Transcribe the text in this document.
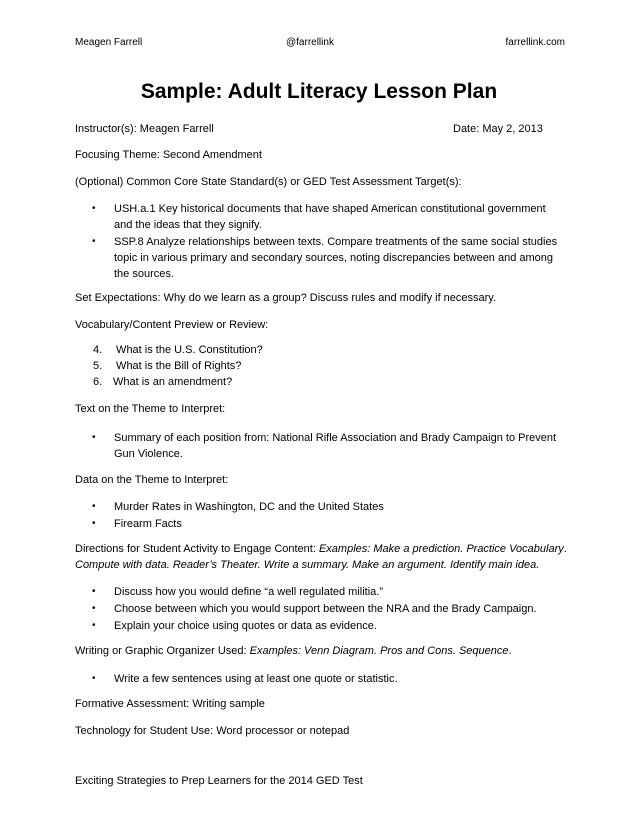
Meagen Farrell	@farrellink	farrellink.com
Sample: Adult Literacy Lesson Plan
Instructor(s): Meagen Farrell	Date: May 2, 2013
Focusing Theme: Second Amendment
(Optional) Common Core State Standard(s) or GED Test Assessment Target(s):
• USH.a.1 Key historical documents that have shaped American constitutional government and the ideas that they signify.
• SSP.8 Analyze relationships between texts. Compare treatments of the same social studies topic in various primary and secondary sources, noting discrepancies between and among the sources.
Set Expectations: Why do we learn as a group? Discuss rules and modify if necessary.
Vocabulary/Content Preview or Review:
4. What is the U.S. Constitution?
5. What is the Bill of Rights?
6. What is an amendment?
Text on the Theme to Interpret:
• Summary of each position from: National Rifle Association and Brady Campaign to Prevent Gun Violence.
Data on the Theme to Interpret:
• Murder Rates in Washington, DC and the United States
• Firearm Facts
Directions for Student Activity to Engage Content: Examples: Make a prediction. Practice Vocabulary.
Compute with data. Reader’s Theater. Write a summary. Make an argument. Identify main idea.
• Discuss how you would define “a well regulated militia.”
• Choose between which you would support between the NRA and the Brady Campaign.
• Explain your choice using quotes or data as evidence.
Writing or Graphic Organizer Used: Examples: Venn Diagram. Pros and Cons. Sequence.
• Write a few sentences using at least one quote or statistic.
Formative Assessment: Writing sample
Technology for Student Use: Word processor or notepad
Exciting Strategies to Prep Learners for the 2014 GED Test
